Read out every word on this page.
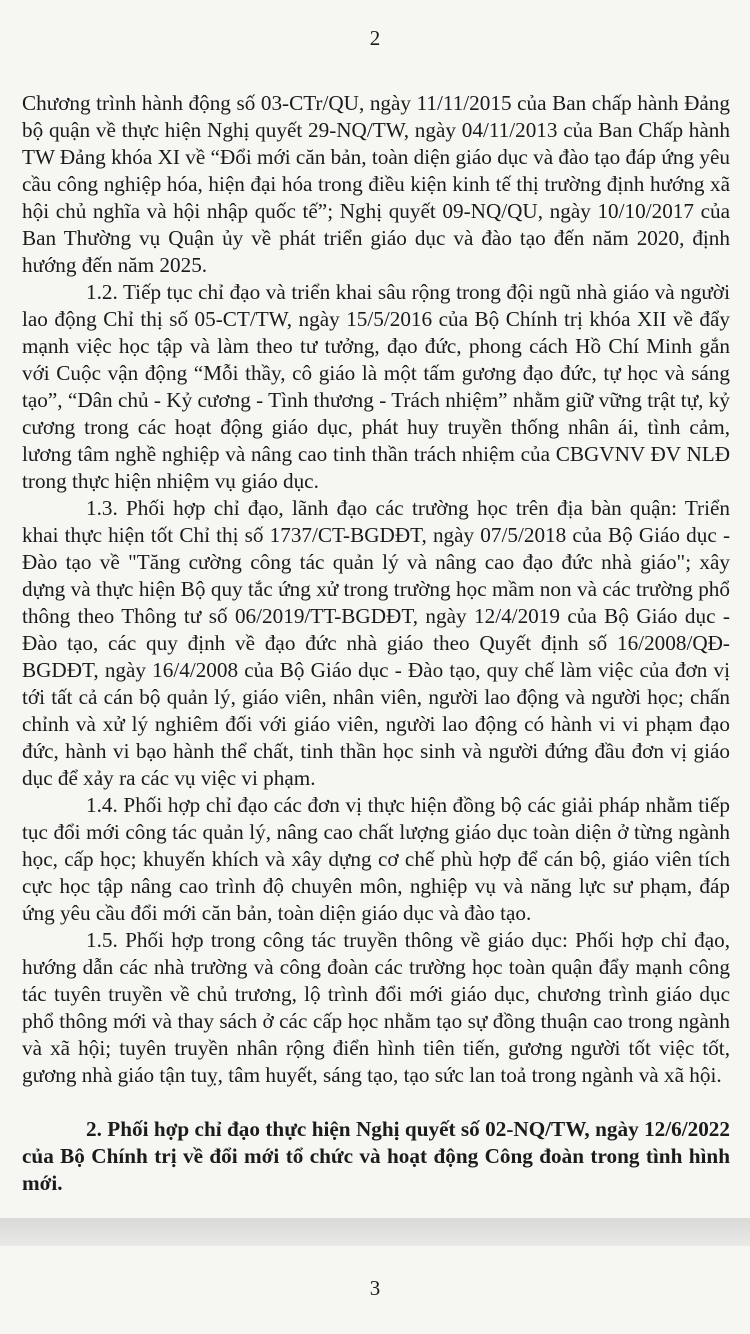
2

Chương trình hành động số 03-CTr/QU, ngày 11/11/2015 của Ban chấp hành Đảng bộ quận về thực hiện Nghị quyết 29-NQ/TW, ngày 04/11/2013 của Ban Chấp hành TW Đảng khóa XI về “Đổi mới căn bản, toàn diện giáo dục và đào tạo đáp ứng yêu cầu công nghiệp hóa, hiện đại hóa trong điều kiện kinh tế thị trường định hướng xã hội chủ nghĩa và hội nhập quốc tế”; Nghị quyết 09-NQ/QU, ngày 10/10/2017 của Ban Thường vụ Quận ủy về phát triển giáo dục và đào tạo đến năm 2020, định hướng đến năm 2025.

1.2. Tiếp tục chỉ đạo và triển khai sâu rộng trong đội ngũ nhà giáo và người lao động Chỉ thị số 05-CT/TW, ngày 15/5/2016 của Bộ Chính trị khóa XII về đẩy mạnh việc học tập và làm theo tư tưởng, đạo đức, phong cách Hồ Chí Minh gắn với Cuộc vận động “Mỗi thầy, cô giáo là một tấm gương đạo đức, tự học và sáng tạo”, “Dân chủ - Kỷ cương - Tình thương - Trách nhiệm” nhằm giữ vững trật tự, kỷ cương trong các hoạt động giáo dục, phát huy truyền thống nhân ái, tình cảm, lương tâm nghề nghiệp và nâng cao tinh thần trách nhiệm của CBGVNV ĐV NLĐ trong thực hiện nhiệm vụ giáo dục.

1.3. Phối hợp chỉ đạo, lãnh đạo các trường học trên địa bàn quận: Triển khai thực hiện tốt Chỉ thị số 1737/CT-BGDĐT, ngày 07/5/2018 của Bộ Giáo dục - Đào tạo về "Tăng cường công tác quản lý và nâng cao đạo đức nhà giáo"; xây dựng và thực hiện Bộ quy tắc ứng xử trong trường học mầm non và các trường phổ thông theo Thông tư số 06/2019/TT-BGDĐT, ngày 12/4/2019 của Bộ Giáo dục - Đào tạo, các quy định về đạo đức nhà giáo theo Quyết định số 16/2008/QĐ-BGDĐT, ngày 16/4/2008 của Bộ Giáo dục - Đào tạo, quy chế làm việc của đơn vị tới tất cả cán bộ quản lý, giáo viên, nhân viên, người lao động và người học; chấn chỉnh và xử lý nghiêm đối với giáo viên, người lao động có hành vi vi phạm đạo đức, hành vi bạo hành thể chất, tinh thần học sinh và người đứng đầu đơn vị giáo dục để xảy ra các vụ việc vi phạm.

1.4. Phối hợp chỉ đạo các đơn vị thực hiện đồng bộ các giải pháp nhằm tiếp tục đổi mới công tác quản lý, nâng cao chất lượng giáo dục toàn diện ở từng ngành học, cấp học; khuyến khích và xây dựng cơ chế phù hợp để cán bộ, giáo viên tích cực học tập nâng cao trình độ chuyên môn, nghiệp vụ và năng lực sư phạm, đáp ứng yêu cầu đổi mới căn bản, toàn diện giáo dục và đào tạo.

1.5. Phối hợp trong công tác truyền thông về giáo dục: Phối hợp chỉ đạo, hướng dẫn các nhà trường và công đoàn các trường học toàn quận đẩy mạnh công tác tuyên truyền về chủ trương, lộ trình đổi mới giáo dục, chương trình giáo dục phổ thông mới và thay sách ở các cấp học nhằm tạo sự đồng thuận cao trong ngành và xã hội; tuyên truyền nhân rộng điển hình tiên tiến, gương người tốt việc tốt, gương nhà giáo tận tuỵ, tâm huyết, sáng tạo, tạo sức lan toả trong ngành và xã hội.

2. Phối hợp chỉ đạo thực hiện Nghị quyết số 02-NQ/TW, ngày 12/6/2022 của Bộ Chính trị về đổi mới tổ chức và hoạt động Công đoàn trong tình hình mới.

3
